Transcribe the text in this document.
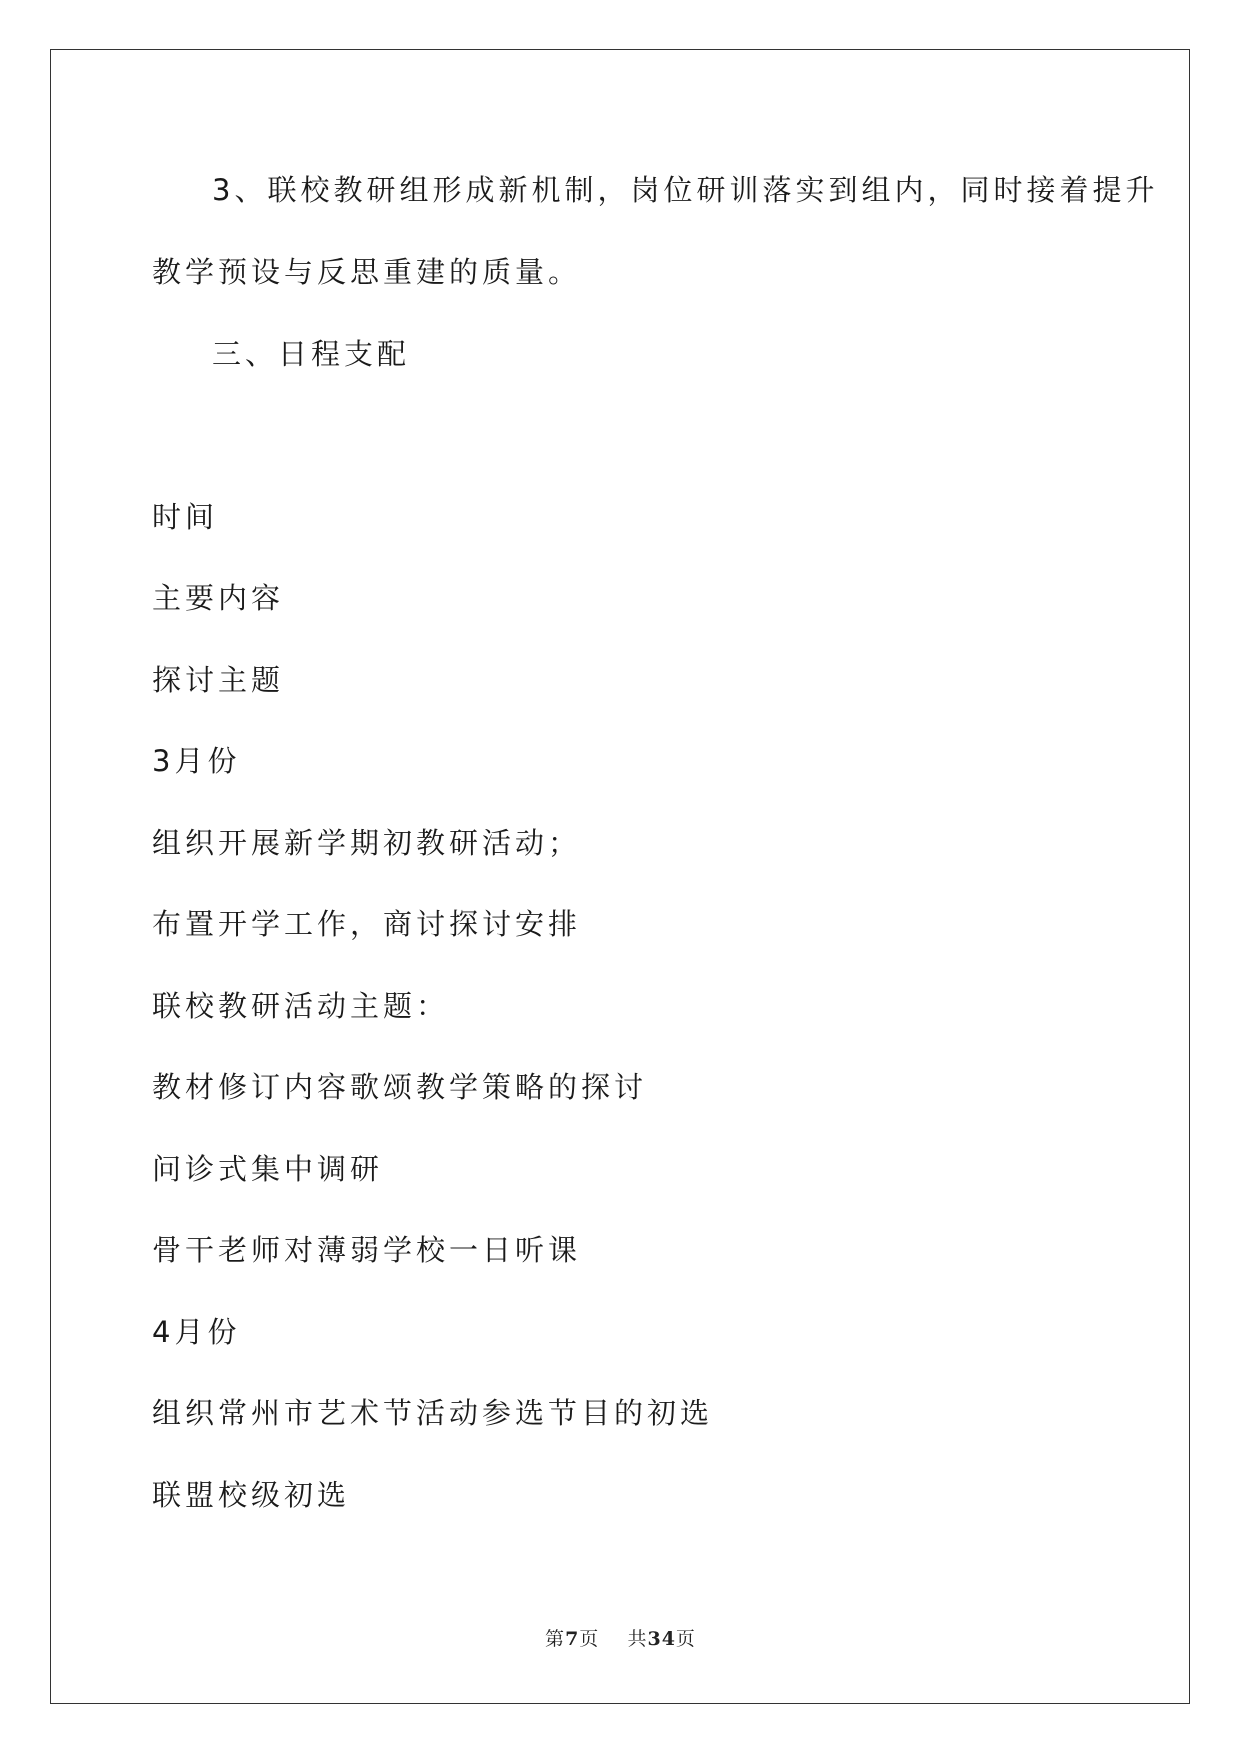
3、联校教研组形成新机制，岗位研训落实到组内，同时接着提升
教学预设与反思重建的质量。
三、日程支配
时间
主要内容
探讨主题
3月份
组织开展新学期初教研活动；
布置开学工作，商讨探讨安排
联校教研活动主题：
教材修订内容歌颂教学策略的探讨
问诊式集中调研
骨干老师对薄弱学校一日听课
4月份
组织常州市艺术节活动参选节目的初选
联盟校级初选
第7页    共34页
